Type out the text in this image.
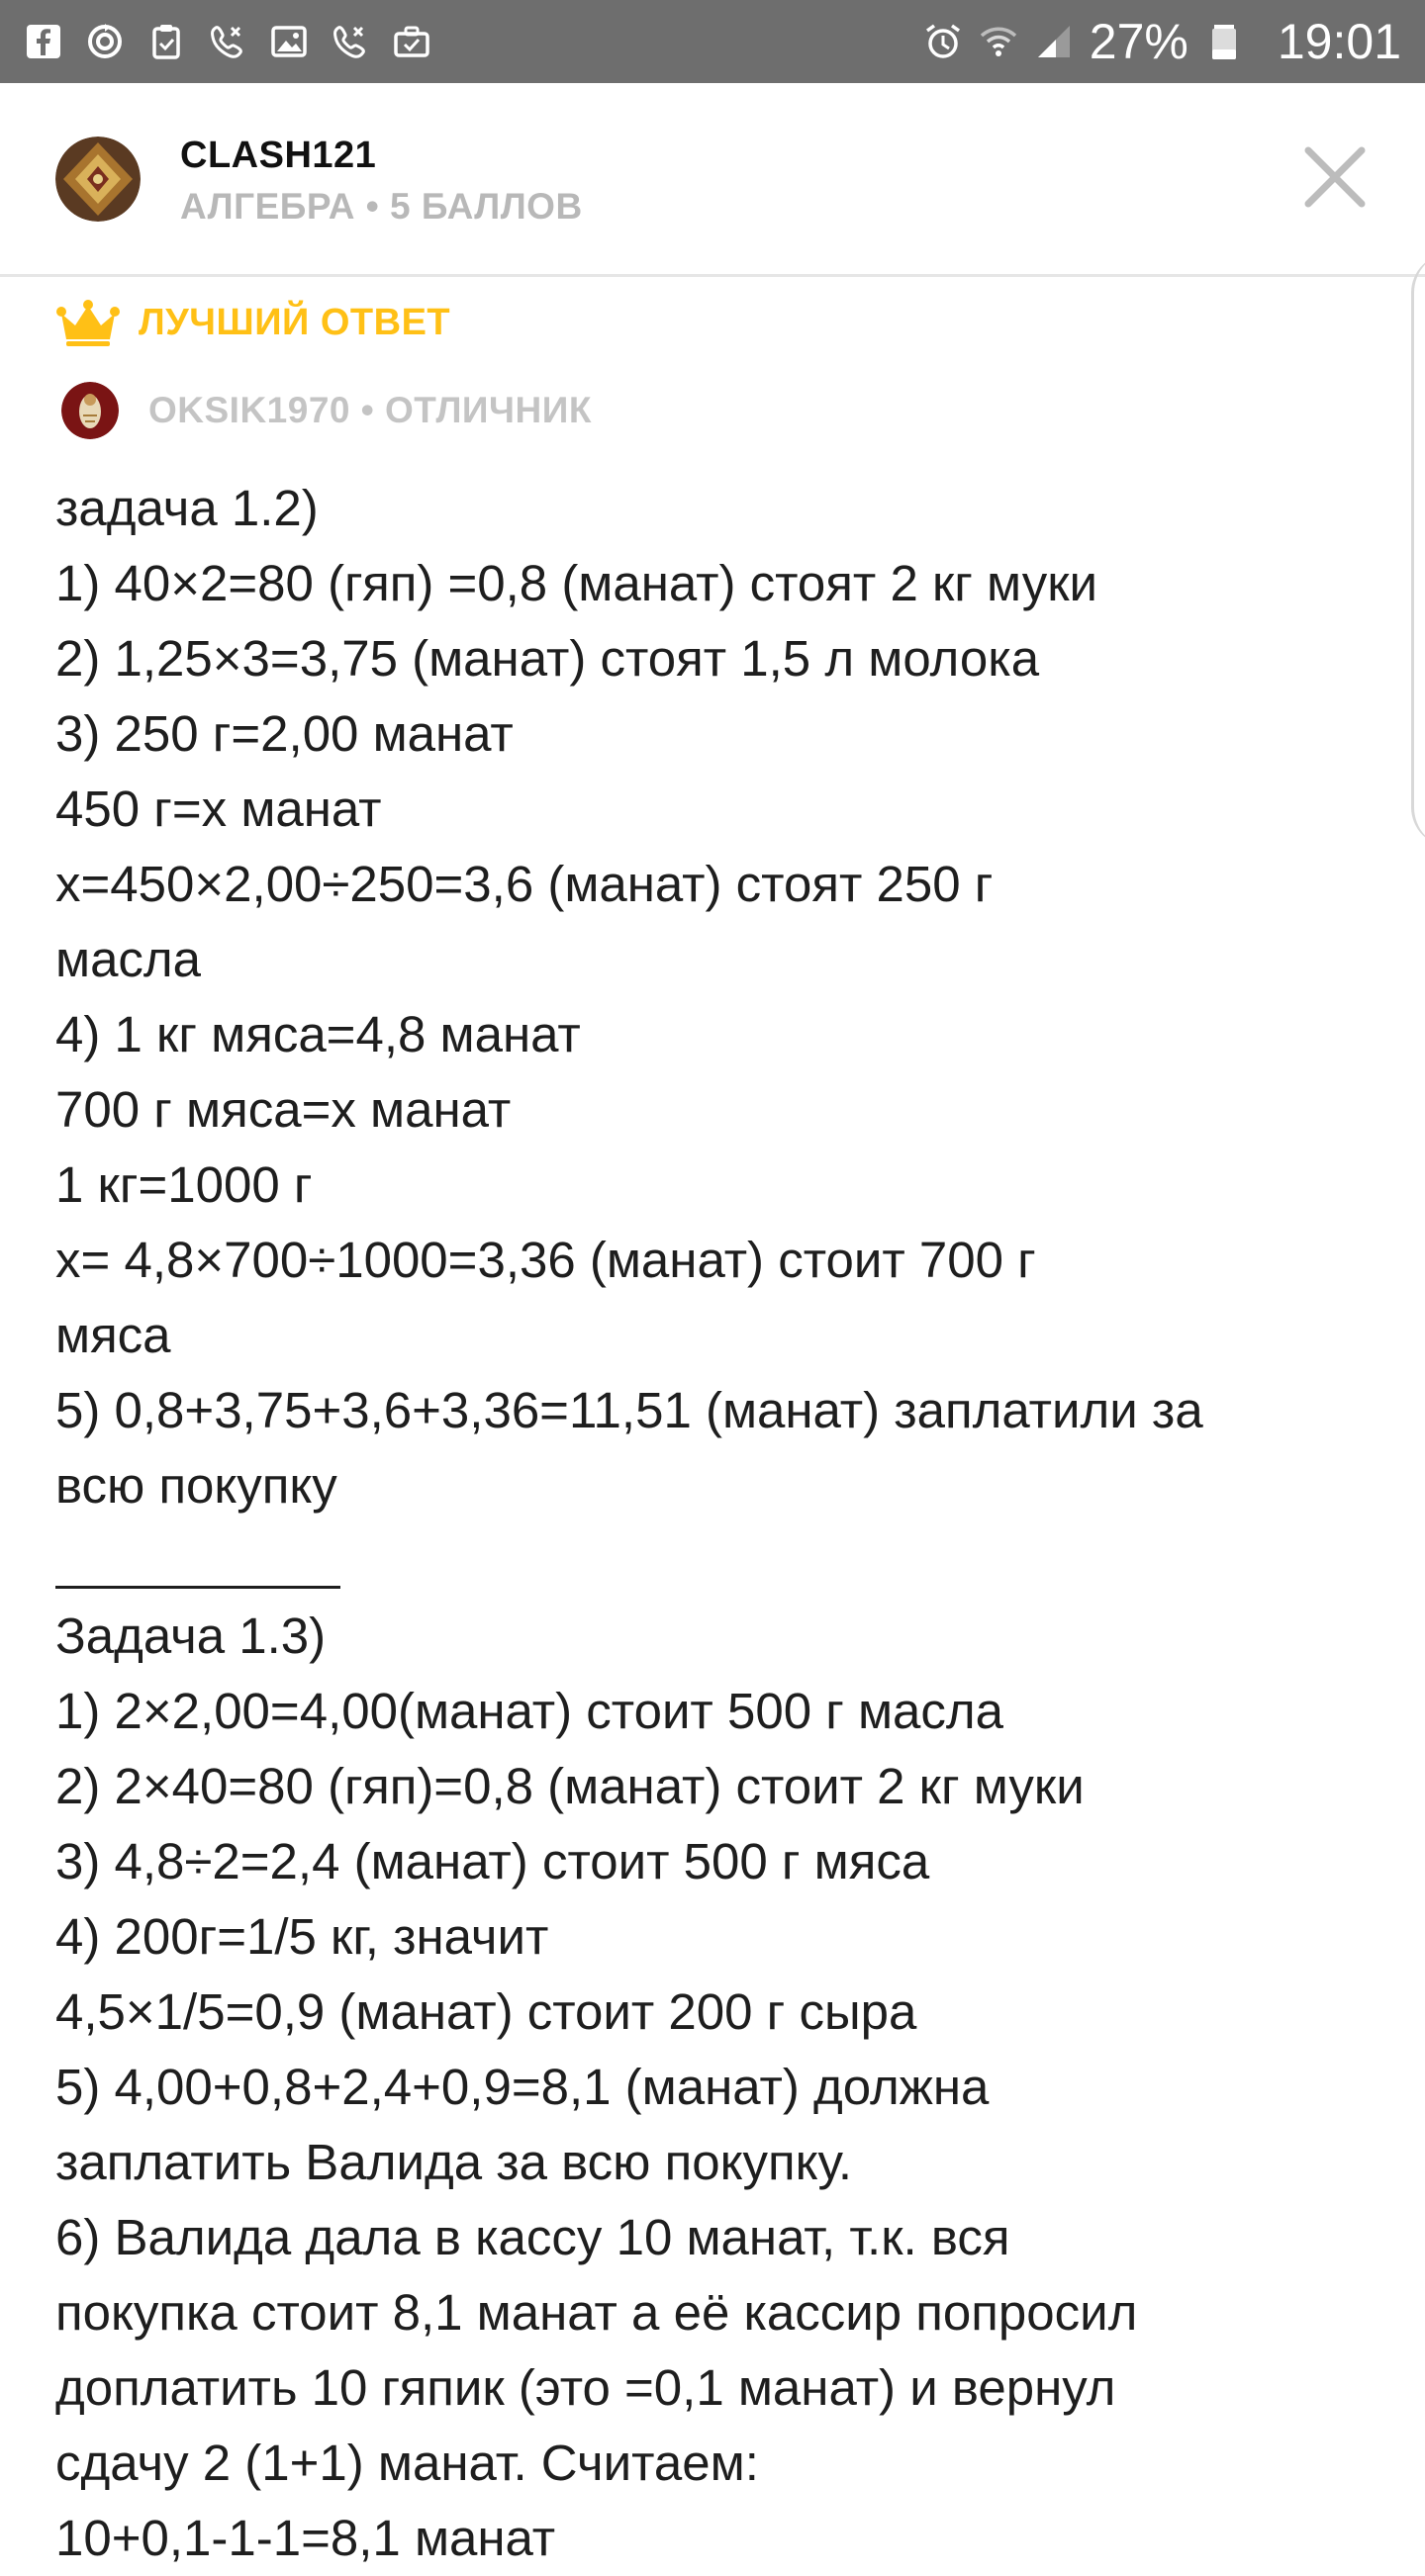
27% 19:01
CLASH121
АЛГЕБРА • 5 БАЛЛОВ
ЛУЧШИЙ ОТВЕТ
OKSIK1970 • ОТЛИЧНИК
задача 1.2)
1) 40×2=80 (гяп) =0,8 (манат) стоят 2 кг муки
2) 1,25×3=3,75 (манат) стоят 1,5 л молока
3) 250 г=2,00 манат
450 г=х манат
х=450×2,00÷250=3,6 (манат) стоят 250 г
масла
4) 1 кг мяса=4,8 манат
700 г мяса=х манат
1 кг=1000 г
х= 4,8×700÷1000=3,36 (манат) стоит 700 г
мяса
5) 0,8+3,75+3,6+3,36=11,51 (манат) заплатили за
всю покупку
Задача 1.3)
1) 2×2,00=4,00(манат) стоит 500 г масла
2) 2×40=80 (гяп)=0,8 (манат) стоит 2 кг муки
3) 4,8÷2=2,4 (манат) стоит 500 г мяса
4) 200г=1/5 кг, значит
4,5×1/5=0,9 (манат) стоит 200 г сыра
5) 4,00+0,8+2,4+0,9=8,1 (манат) должна
заплатить Валида за всю покупку.
6) Валида дала в кассу 10 манат, т.к. вся
покупка стоит 8,1 манат а её кассир попросил
доплатить 10 гяпик (это =0,1 манат) и вернул
сдачу 2 (1+1) манат. Считаем:
10+0,1-1-1=8,1 манат
